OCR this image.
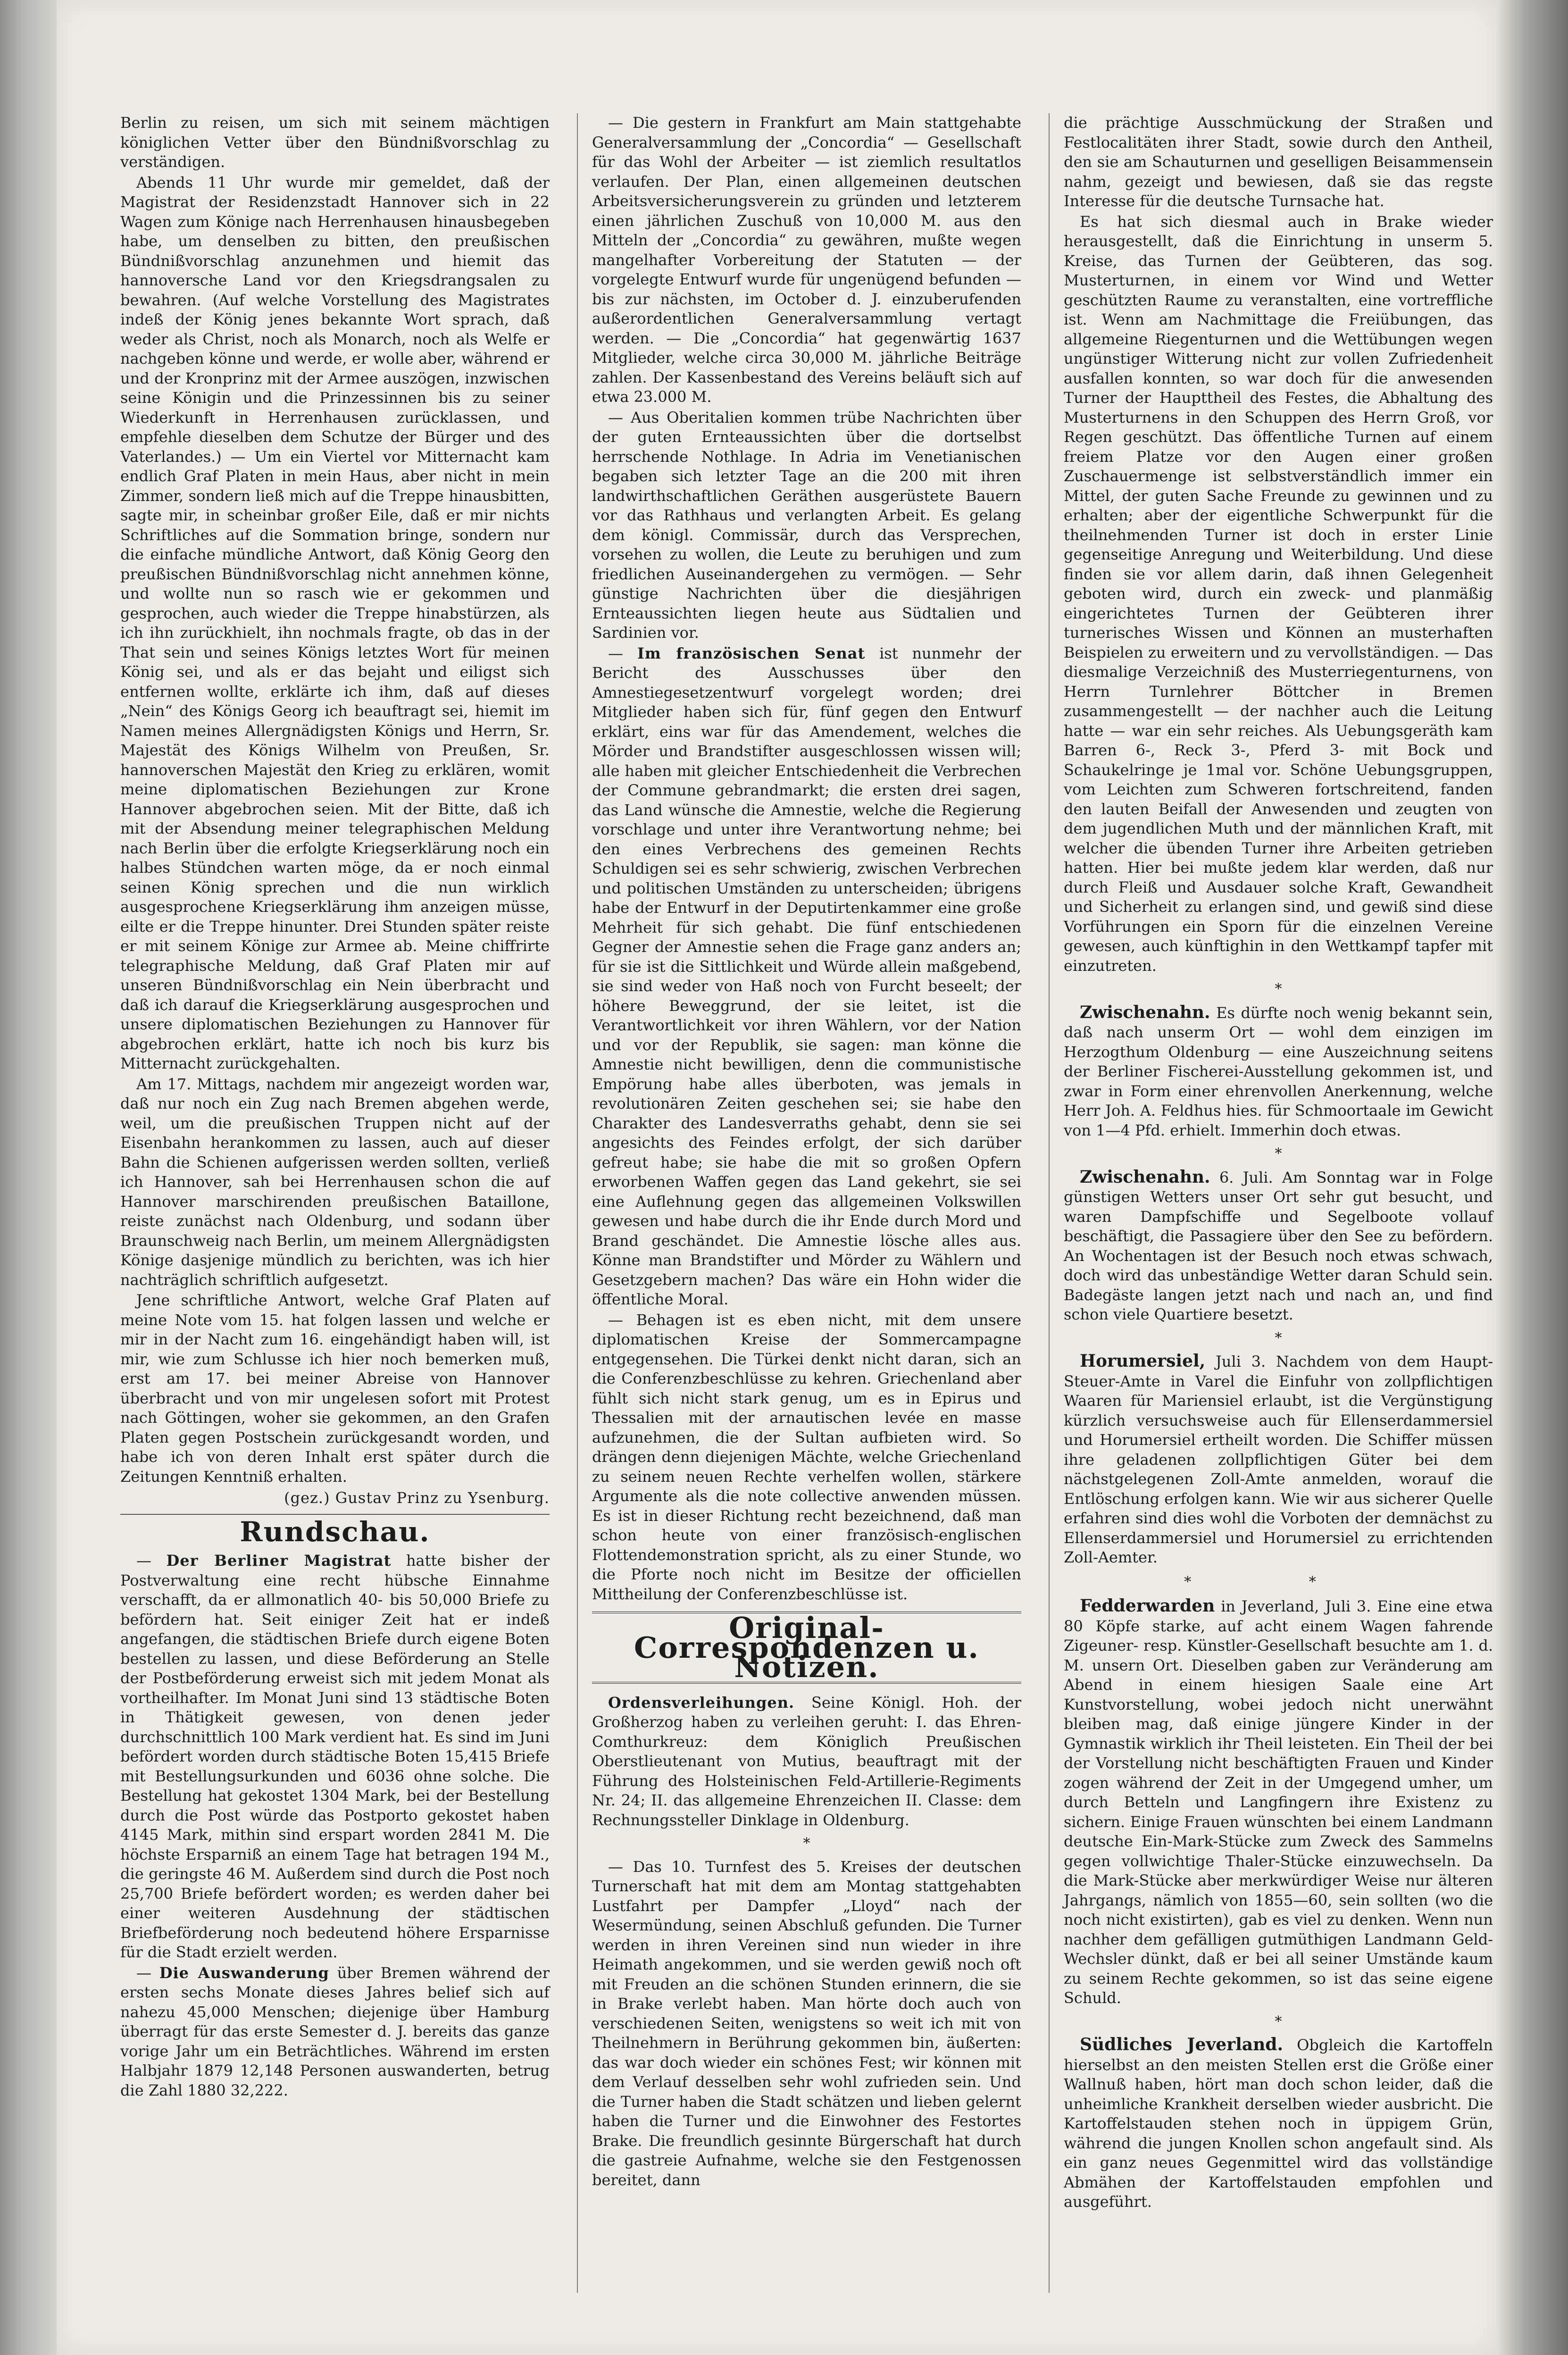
Berlin zu reisen, um sich mit seinem mächtigen königlichen Vetter über den Bündnißvorschlag zu verständigen.

Abends 11 Uhr wurde mir gemeldet, daß der Magistrat der Residenzstadt Hannover sich in 22 Wagen zum Könige nach Herrenhausen hinausbegeben habe, um denselben zu bitten, den preußischen Bündnißvorschlag anzunehmen und hiemit das hannoversche Land vor den Kriegsdrangsalen zu bewahren. (Auf welche Vorstellung des Magistrates indeß der König jenes bekannte Wort sprach, daß weder als Christ, noch als Monarch, noch als Welfe er nachgeben könne und werde, er wolle aber, während er und der Kronprinz mit der Armee auszögen, inzwischen seine Königin und die Prinzessinnen bis zu seiner Wiederkunft in Herrenhausen zurücklassen, und empfehle dieselben dem Schutze der Bürger und des Vaterlandes.) — Um ein Viertel vor Mitternacht kam endlich Graf Platen in mein Haus, aber nicht in mein Zimmer, sondern ließ mich auf die Treppe hinausbitten, sagte mir, in scheinbar großer Eile, daß er mir nichts Schriftliches auf die Sommation bringe, sondern nur die einfache mündliche Antwort, daß König Georg den preußischen Bündnißvorschlag nicht annehmen könne, und wollte nun so rasch wie er gekommen und gesprochen, auch wieder die Treppe hinabstürzen, als ich ihn zurückhielt, ihn nochmals fragte, ob das in der That sein und seines Königs letztes Wort für meinen König sei, und als er das bejaht und eiligst sich entfernen wollte, erklärte ich ihm, daß auf dieses „Nein“ des Königs Georg ich beauftragt sei, hiemit im Namen meines Allergnädigsten Königs und Herrn, Sr. Majestät des Königs Wilhelm von Preußen, Sr. hannoverschen Majestät den Krieg zu erklären, womit meine diplomatischen Beziehungen zur Krone Hannover abgebrochen seien. Mit der Bitte, daß ich mit der Absendung meiner telegraphischen Meldung nach Berlin über die erfolgte Kriegserklärung noch ein halbes Stündchen warten möge, da er noch einmal seinen König sprechen und die nun wirklich ausgesprochene Kriegserklärung ihm anzeigen müsse, eilte er die Treppe hinunter. Drei Stunden später reiste er mit seinem Könige zur Armee ab. Meine chiffrirte telegraphische Meldung, daß Graf Platen mir auf unseren Bündnißvorschlag ein Nein überbracht und daß ich darauf die Kriegserklärung ausgesprochen und unsere diplomatischen Beziehungen zu Hannover für abgebrochen erklärt, hatte ich noch bis kurz bis Mitternacht zurückgehalten.

Am 17. Mittags, nachdem mir angezeigt worden war, daß nur noch ein Zug nach Bremen abgehen werde, weil, um die preußischen Truppen nicht auf der Eisenbahn herankommen zu lassen, auch auf dieser Bahn die Schienen aufgerissen werden sollten, verließ ich Hannover, sah bei Herrenhausen schon die auf Hannover marschirenden preußischen Bataillone, reiste zunächst nach Oldenburg, und sodann über Braunschweig nach Berlin, um meinem Allergnädigsten Könige dasjenige mündlich zu berichten, was ich hier nachträglich schriftlich aufgesetzt.

Jene schriftliche Antwort, welche Graf Platen auf meine Note vom 15. hat folgen lassen und welche er mir in der Nacht zum 16. eingehändigt haben will, ist mir, wie zum Schlusse ich hier noch bemerken muß, erst am 17. bei meiner Abreise von Hannover überbracht und von mir ungelesen sofort mit Protest nach Göttingen, woher sie gekommen, an den Grafen Platen gegen Postschein zurückgesandt worden, und habe ich von deren Inhalt erst später durch die Zeitungen Kenntniß erhalten.

(gez.) Gustav Prinz zu Ysenburg.
Rundschau.

— Der Berliner Magistrat hatte bisher der Postverwaltung eine recht hübsche Einnahme verschafft, da er allmonatlich 40- bis 50,000 Briefe zu befördern hat. Seit einiger Zeit hat er indeß angefangen, die städtischen Briefe durch eigene Boten bestellen zu lassen, und diese Beförderung an Stelle der Postbeförderung erweist sich mit jedem Monat als vortheilhafter. Im Monat Juni sind 13 städtische Boten in Thätigkeit gewesen, von denen jeder durchschnittlich 100 Mark verdient hat. Es sind im Juni befördert worden durch städtische Boten 15,415 Briefe mit Bestellungsurkunden und 6036 ohne solche. Die Bestellung hat gekostet 1304 Mark, bei der Bestellung durch die Post würde das Postporto gekostet haben 4145 Mark, mithin sind erspart worden 2841 M. Die höchste Ersparniß an einem Tage hat betragen 194 M., die geringste 46 M. Außerdem sind durch die Post noch 25,700 Briefe befördert worden; es werden daher bei einer weiteren Ausdehnung der städtischen Briefbeförderung noch bedeutend höhere Ersparnisse für die Stadt erzielt werden.

— Die Auswanderung über Bremen während der ersten sechs Monate dieses Jahres belief sich auf nahezu 45,000 Menschen; diejenige über Hamburg überragt für das erste Semester d. J. bereits das ganze vorige Jahr um ein Beträchtliches. Während im ersten Halbjahr 1879 12,148 Personen auswanderten, betrug die Zahl 1880 32,222.

— Die gestern in Frankfurt am Main stattgehabte Generalversammlung der „Concordia“ — Gesellschaft für das Wohl der Arbeiter — ist ziemlich resultatlos verlaufen. Der Plan, einen allgemeinen deutschen Arbeitsversicherungsverein zu gründen und letzterem einen jährlichen Zuschuß von 10,000 M. aus den Mitteln der „Concordia“ zu gewähren, mußte wegen mangelhafter Vorbereitung der Statuten — der vorgelegte Entwurf wurde für ungenügend befunden — bis zur nächsten, im October d. J. einzuberufenden außerordentlichen Generalversammlung vertagt werden. — Die „Concordia“ hat gegenwärtig 1637 Mitglieder, welche circa 30,000 M. jährliche Beiträge zahlen. Der Kassenbestand des Vereins beläuft sich auf etwa 23.000 M.

— Aus Oberitalien kommen trübe Nachrichten über der guten Ernteaussichten über die dortselbst herrschende Nothlage. In Adria im Venetianischen begaben sich letzter Tage an die 200 mit ihren landwirthschaftlichen Geräthen ausgerüstete Bauern vor das Rathhaus und verlangten Arbeit. Es gelang dem königl. Commissär, durch das Versprechen, vorsehen zu wollen, die Leute zu beruhigen und zum friedlichen Auseinandergehen zu vermögen. — Sehr günstige Nachrichten über die diesjährigen Ernteaussichten liegen heute aus Südtalien und Sardinien vor.

— Im französischen Senat ist nunmehr der Bericht des Ausschusses über den Amnestiegesetzentwurf vorgelegt worden; drei Mitglieder haben sich für, fünf gegen den Entwurf erklärt, eins war für das Amendement, welches die Mörder und Brandstifter ausgeschlossen wissen will; alle haben mit gleicher Entschiedenheit die Verbrechen der Commune gebrandmarkt; die ersten drei sagen, das Land wünsche die Amnestie, welche die Regierung vorschlage und unter ihre Verantwortung nehme; bei den eines Verbrechens des gemeinen Rechts Schuldigen sei es sehr schwierig, zwischen Verbrechen und politischen Umständen zu unterscheiden; übrigens habe der Entwurf in der Deputirtenkammer eine große Mehrheit für sich gehabt. Die fünf entschiedenen Gegner der Amnestie sehen die Frage ganz anders an; für sie ist die Sittlichkeit und Würde allein maßgebend, sie sind weder von Haß noch von Furcht beseelt; der höhere Beweggrund, der sie leitet, ist die Verantwortlichkeit vor ihren Wählern, vor der Nation und vor der Republik, sie sagen: man könne die Amnestie nicht bewilligen, denn die communistische Empörung habe alles überboten, was jemals in revolutionären Zeiten geschehen sei; sie habe den Charakter des Landesverraths gehabt, denn sie sei angesichts des Feindes erfolgt, der sich darüber gefreut habe; sie habe die mit so großen Opfern erworbenen Waffen gegen das Land gekehrt, sie sei eine Auflehnung gegen das allgemeinen Volkswillen gewesen und habe durch die ihr Ende durch Mord und Brand geschändet. Die Amnestie lösche alles aus. Könne man Brandstifter und Mörder zu Wählern und Gesetzgebern machen? Das wäre ein Hohn wider die öffentliche Moral.

— Behagen ist es eben nicht, mit dem unsere diplomatischen Kreise der Sommercampagne entgegensehen. Die Türkei denkt nicht daran, sich an die Conferenzbeschlüsse zu kehren. Griechenland aber fühlt sich nicht stark genug, um es in Epirus und Thessalien mit der arnautischen levée en masse aufzunehmen, die der Sultan aufbieten wird. So drängen denn diejenigen Mächte, welche Griechenland zu seinem neuen Rechte verhelfen wollen, stärkere Argumente als die note collective anwenden müssen. Es ist in dieser Richtung recht bezeichnend, daß man schon heute von einer französisch-englischen Flottendemonstration spricht, als zu einer Stunde, wo die Pforte noch nicht im Besitze der officiellen Mittheilung der Conferenzbeschlüsse ist.

Original-Correspondenzen u. Notizen.

Ordensverleihungen. Seine Königl. Hoh. der Großherzog haben zu verleihen geruht: I. das Ehren-Comthurkreuz: dem Königlich Preußischen Oberstlieutenant von Mutius, beauftragt mit der Führung des Holsteinischen Feld-Artillerie-Regiments Nr. 24; II. das allgemeine Ehrenzeichen II. Classe: dem Rechnungssteller Dinklage in Oldenburg.

*

— Das 10. Turnfest des 5. Kreises der deutschen Turnerschaft hat mit dem am Montag stattgehabten Lustfahrt per Dampfer „Lloyd“ nach der Wesermündung, seinen Abschluß gefunden. Die Turner werden in ihren Vereinen sind nun wieder in ihre Heimath angekommen, und sie werden gewiß noch oft mit Freuden an die schönen Stunden erinnern, die sie in Brake verlebt haben. Man hörte doch auch von verschiedenen Seiten, wenigstens so weit ich mit von Theilnehmern in Berührung gekommen bin, äußerten: das war doch wieder ein schönes Fest; wir können mit dem Verlauf desselben sehr wohl zufrieden sein. Und die Turner haben die Stadt schätzen und lieben gelernt haben die Turner und die Einwohner des Festortes Brake. Die freundlich gesinnte Bürgerschaft hat durch die gastreie Aufnahme, welche sie den Festgenossen bereitet, dann

die prächtige Ausschmückung der Straßen und Festlocalitäten ihrer Stadt, sowie durch den Antheil, den sie am Schauturnen und geselligen Beisammensein nahm, gezeigt und bewiesen, daß sie das regste Interesse für die deutsche Turnsache hat.

Es hat sich diesmal auch in Brake wieder herausgestellt, daß die Einrichtung in unserm 5. Kreise, das Turnen der Geübteren, das sog. Musterturnen, in einem vor Wind und Wetter geschützten Raume zu veranstalten, eine vortreffliche ist. Wenn am Nachmittage die Freiübungen, das allgemeine Riegenturnen und die Wettübungen wegen ungünstiger Witterung nicht zur vollen Zufriedenheit ausfallen konnten, so war doch für die anwesenden Turner der Haupttheil des Festes, die Abhaltung des Musterturnens in den Schuppen des Herrn Groß, vor Regen geschützt. Das öffentliche Turnen auf einem freiem Platze vor den Augen einer großen Zuschauermenge ist selbstverständlich immer ein Mittel, der guten Sache Freunde zu gewinnen und zu erhalten; aber der eigentliche Schwerpunkt für die theilnehmenden Turner ist doch in erster Linie gegenseitige Anregung und Weiterbildung. Und diese finden sie vor allem darin, daß ihnen Gelegenheit geboten wird, durch ein zweck- und planmäßig eingerichtetes Turnen der Geübteren ihrer turnerisches Wissen und Können an musterhaften Beispielen zu erweitern und zu vervollständigen. — Das diesmalige Verzeichniß des Musterriegenturnens, von Herrn Turnlehrer Böttcher in Bremen zusammengestellt — der nachher auch die Leitung hatte — war ein sehr reiches. Als Uebungsgeräth kam Barren 6-, Reck 3-, Pferd 3- mit Bock und Schaukelringe je 1mal vor. Schöne Uebungsgruppen, vom Leichten zum Schweren fortschreitend, fanden den lauten Beifall der Anwesenden und zeugten von dem jugendlichen Muth und der männlichen Kraft, mit welcher die übenden Turner ihre Arbeiten getrieben hatten. Hier bei mußte jedem klar werden, daß nur durch Fleiß und Ausdauer solche Kraft, Gewandheit und Sicherheit zu erlangen sind, und gewiß sind diese Vorführungen ein Sporn für die einzelnen Vereine gewesen, auch künftighin in den Wettkampf tapfer mit einzutreten.

*

Zwischenahn. Es dürfte noch wenig bekannt sein, daß nach unserm Ort — wohl dem einzigen im Herzogthum Oldenburg — eine Auszeichnung seitens der Berliner Fischerei-Ausstellung gekommen ist, und zwar in Form einer ehrenvollen Anerkennung, welche Herr Joh. A. Feldhus hies. für Schmoortaale im Gewicht von 1—4 Pfd. erhielt. Immerhin doch etwas.

*

Zwischenahn. 6. Juli. Am Sonntag war in Folge günstigen Wetters unser Ort sehr gut besucht, und waren Dampfschiffe und Segelboote vollauf beschäftigt, die Passagiere über den See zu befördern. An Wochentagen ist der Besuch noch etwas schwach, doch wird das unbeständige Wetter daran Schuld sein. Badegäste langen jetzt nach und nach an, und find schon viele Quartiere besetzt.

*

Horumersiel, Juli 3. Nachdem von dem Haupt-Steuer-Amte in Varel die Einfuhr von zollpflichtigen Waaren für Mariensiel erlaubt, ist die Vergünstigung kürzlich versuchsweise auch für Ellenserdammersiel und Horumersiel ertheilt worden. Die Schiffer müssen ihre geladenen zollpflichtigen Güter bei dem nächstgelegenen Zoll-Amte anmelden, worauf die Entlöschung erfolgen kann. Wie wir aus sicherer Quelle erfahren sind dies wohl die Vorboten der demnächst zu Ellenserdammersiel und Horumersiel zu errichtenden Zoll-Aemter.

* *

Fedderwarden in Jeverland, Juli 3. Eine eine etwa 80 Köpfe starke, auf acht einem Wagen fahrende Zigeuner- resp. Künstler-Gesellschaft besuchte am 1. d. M. unsern Ort. Dieselben gaben zur Veränderung am Abend in einem hiesigen Saale eine Art Kunstvorstellung, wobei jedoch nicht unerwähnt bleiben mag, daß einige jüngere Kinder in der Gymnastik wirklich ihr Theil leisteten. Ein Theil der bei der Vorstellung nicht beschäftigten Frauen und Kinder zogen während der Zeit in der Umgegend umher, um durch Betteln und Langfingern ihre Existenz zu sichern. Einige Frauen wünschten bei einem Landmann deutsche Ein-Mark-Stücke zum Zweck des Sammelns gegen vollwichtige Thaler-Stücke einzuwechseln. Da die Mark-Stücke aber merkwürdiger Weise nur älteren Jahrgangs, nämlich von 1855—60, sein sollten (wo die noch nicht existirten), gab es viel zu denken. Wenn nun nachher dem gefälligen gutmüthigen Landmann Geld-Wechsler dünkt, daß er bei all seiner Umstände kaum zu seinem Rechte gekommen, so ist das seine eigene Schuld.

*

Südliches Jeverland. Obgleich die Kartoffeln hierselbst an den meisten Stellen erst die Größe einer Wallnuß haben, hört man doch schon leider, daß die unheimliche Krankheit derselben wieder ausbricht. Die Kartoffelstauden stehen noch in üppigem Grün, während die jungen Knollen schon angefault sind. Als ein ganz neues Gegenmittel wird das vollständige Abmähen der Kartoffelstauden empfohlen und ausgeführt.
